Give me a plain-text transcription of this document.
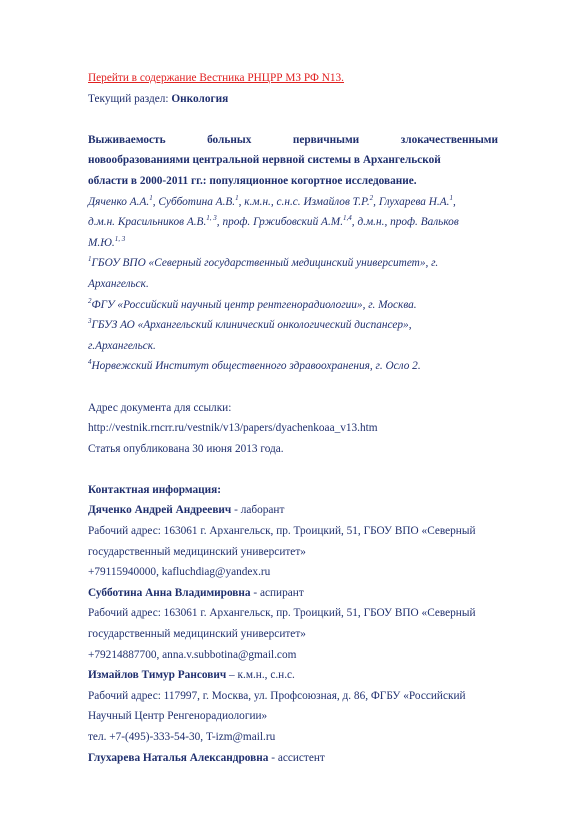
Перейти в содержание Вестника РНЦРР МЗ РФ N13.
Текущий раздел: Онкология
Выживаемость	больных	первичными	злокачественными
новообразованиями центральной нервной системы в Архангельской
области в 2000-2011 гг.: популяционное когортное исследование.
Дяченко А.А.$^1$, Субботина А.В.$^1$, к.м.н., с.н.с. Измайлов Т.Р.$^2$, Глухарева Н.А.$^1$,
д.м.н. Красильников А.В.$^{1, 3}$, проф. Гржибовский А.М.$^{1,4}$, д.м.н., проф. Вальков
М.Ю.$^{1, 3}$
$^1$ГБОУ ВПО «Северный государственный медицинский университет», г.
Архангельск.
$^2$ФГУ «Российский научный центр рентгенорадиологии», г. Москва.
$^3$ГБУЗ АО «Архангельский клинический онкологический диспансер»,
г.Архангельск.
$^4$Норвежский Институт общественного здравоохранения, г. Осло 2.
Адрес документа для ссылки:
http://vestnik.rncrr.ru/vestnik/v13/papers/dyachenkoaa_v13.htm
Статья опубликована 30 июня 2013 года.
Контактная информация:
Дяченко Андрей Андреевич - лаборант
Рабочий адрес: 163061 г. Архангельск, пр. Троицкий, 51, ГБОУ ВПО «Северный
государственный медицинский университет»
+79115940000, kafluchdiag@yandex.ru
Субботина Анна Владимировна - аспирант
Рабочий адрес: 163061 г. Архангельск, пр. Троицкий, 51, ГБОУ ВПО «Северный
государственный медицинский университет»
+79214887700, anna.v.subbotina@gmail.com
Измайлов Тимур Рансович – к.м.н., с.н.с.
Рабочий адрес: 117997, г. Москва, ул. Профсоюзная, д. 86, ФГБУ «Российский
Научный Центр Ренгенорадиологии»
тел. +7-(495)-333-54-30, T-izm@mail.ru
Глухарева Наталья Александровна - ассистент
